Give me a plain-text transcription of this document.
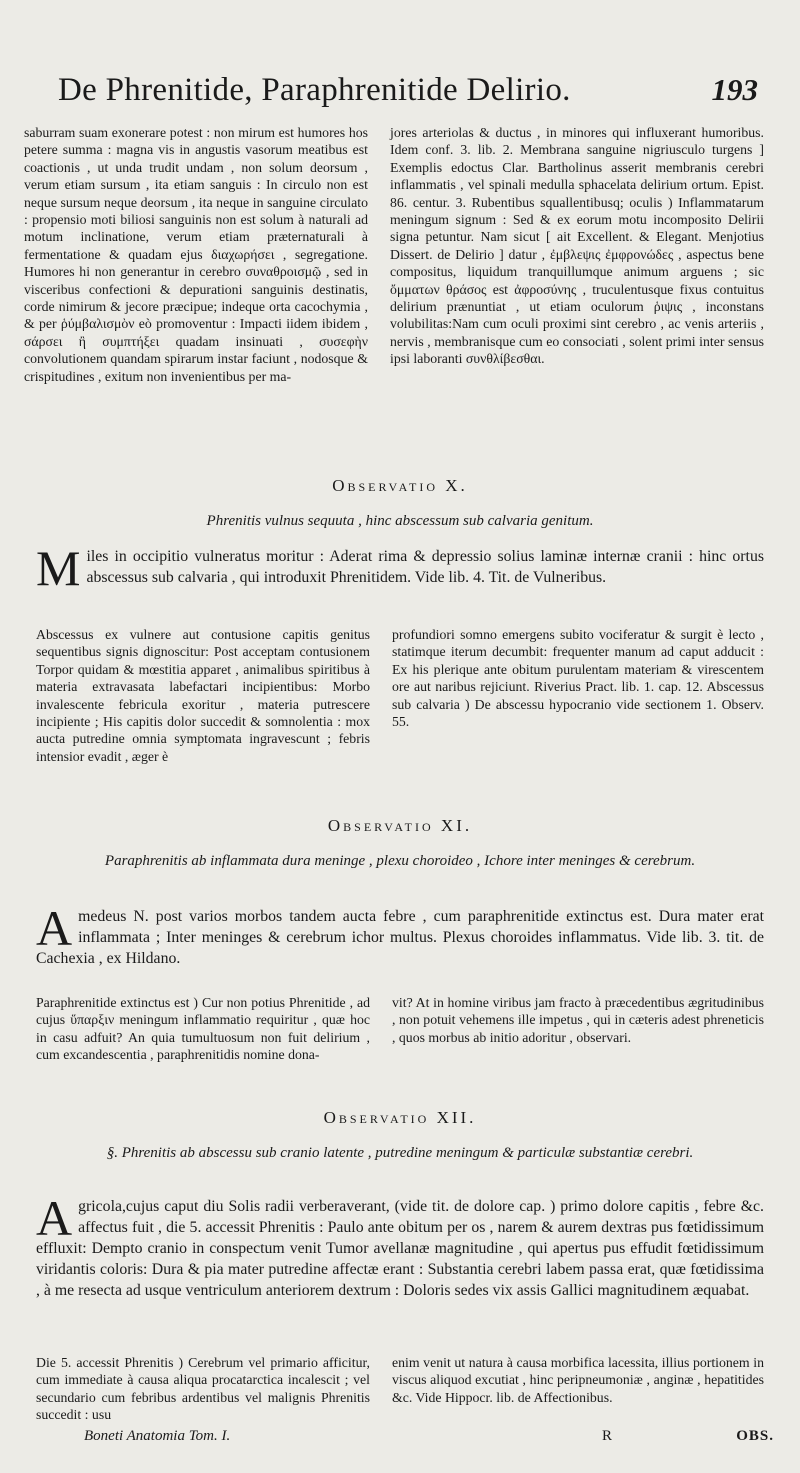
De Phrenitide, Paraphrenitide Delirio.	193

saburram suam exonerare potest : non mirum est humores hos petere summa : magna vis in angustis vasorum meatibus est coactionis , ut unda trudit undam , non solum deorsum , verum etiam sursum , ita etiam sanguis : In circulo non est neque sursum neque deorsum , ita neque in sanguine circulato : propensio moti biliosi sanguinis non est solum à naturali ad motum inclinatione, verum etiam præternaturali à fermentatione & quadam ejus διαχωρήσει , segregatione. Humores hi non generantur in cerebro συναθροισμῷ , sed in visceribus confectioni & depurationi sanguinis destinatis, corde nimirum & jecore præcipue; indeque orta cacochymia , & per ῥύμβαλισμὸν eò promoventur : Impacti iidem ibidem , σάρσει ἢ συμπτήξει quadam insinuati , συσεφὴν convolutionem quandam spirarum instar faciunt , nodosque & crispitudines , exitum non invenientibus per ma-

jores arteriolas & ductus , in minores qui influxerant humoribus. Idem conf. 3. lib. 2. Membrana sanguine nigriusculo turgens ] Exemplis edoctus Clar. Bartholinus asserit membranis cerebri inflammatis , vel spinali medulla sphacelata delirium ortum. Epist. 86. centur. 3. Rubentibus squallentibusq; oculis ) Inflammatarum meningum signum : Sed & ex eorum motu incomposito Delirii signa petuntur. Nam sicut [ ait Excellent. & Elegant. Menjotius Dissert. de Delirio ] datur , ἐμβλεψις ἐμφρονώδες , aspectus bene compositus, liquidum tranquillumque animum arguens ; sic ὄμματων θράσος est ἀφροσύνης , truculentusque fixus contuitus delirium prænuntiat , ut etiam oculorum ῥιψις , inconstans volubilitas:Nam cum oculi proximi sint cerebro , ac venis arteriis , nervis , membranisque cum eo consociati , solent primi inter sensus ipsi laboranti συνθλίβεσθαι.

Observatio X.
Phrenitis vulnus sequuta , hinc abscessum sub calvaria genitum.

Miles in occipitio vulneratus moritur : Aderat rima & depressio solius laminæ internæ cranii : hinc ortus abscessus sub calvaria , qui introduxit Phrenitidem. Vide lib. 4. Tit. de Vulneribus.

Abscessus ex vulnere aut contusione capitis genitus sequentibus signis dignoscitur: Post acceptam contusionem Torpor quidam & mœstitia apparet , animalibus spiritibus à materia extravasata labefactari incipientibus: Morbo invalescente febricula exoritur , materia putrescere incipiente ; His capitis dolor succedit & somnolentia : mox aucta putredine omnia symptomata ingravescunt ; febris intensior evadit , æger è

profundiori somno emergens subito vociferatur & surgit è lecto , statimque iterum decumbit: frequenter manum ad caput adducit : Ex his plerique ante obitum purulentam materiam & virescentem ore aut naribus rejiciunt. Riverius Pract. lib. 1. cap. 12. Abscessus sub calvaria ) De abscessu hypocranio vide sectionem 1. Observ. 55.

Observatio XI.
Paraphrenitis ab inflammata dura meninge , plexu choroideo , Ichore inter meninges & cerebrum.

Amedeus N. post varios morbos tandem aucta febre , cum paraphrenitide extinctus est. Dura mater erat inflammata ; Inter meninges & cerebrum ichor multus. Plexus choroides inflammatus. Vide lib. 3. tit. de Cachexia , ex Hildano.

Paraphrenitide extinctus est ) Cur non potius Phrenitide , ad cujus ὕπαρξιν meningum inflammatio requiritur , quæ hoc in casu adfuit? An quia tumultuosum non fuit delirium , cum excandescentia , paraphrenitidis nomine dona-

vit? At in homine viribus jam fracto à præcedentibus ægritudinibus , non potuit vehemens ille impetus , qui in cæteris adest phreneticis , quos morbus ab initio adoritur , observari.

Observatio XII.
§. Phrenitis ab abscessu sub cranio latente , putredine meningum & particulæ substantiæ cerebri.

Agricola,cujus caput diu Solis radii verberaverant, (vide tit. de dolore cap. ) primo dolore capitis , febre &c. affectus fuit , die 5. accessit Phrenitis : Paulo ante obitum per os , narem & aurem dextras pus fœtidissimum effluxit: Dempto cranio in conspectum venit Tumor avellanæ magnitudine , qui apertus pus effudit fœtidissimum viridantis coloris: Dura & pia mater putredine affectæ erant : Substantia cerebri labem passa erat, quæ fœtidissima , à me resecta ad usque ventriculum anteriorem dextrum : Doloris sedes vix assis Gallici magnitudinem æquabat.

Die 5. accessit Phrenitis ) Cerebrum vel primario afficitur, cum immediate à causa aliqua procatarctica incalescit ; vel secundario cum febribus ardentibus vel malignis Phrenitis succedit : usu

enim venit ut natura à causa morbifica lacessita, illius portionem in viscus aliquod excutiat , hinc peripneumoniæ , anginæ , hepatitides &c. Vide Hippocr. lib. de Affectionibus.

Boneti Anatomia Tom. I.	R	OBS.
